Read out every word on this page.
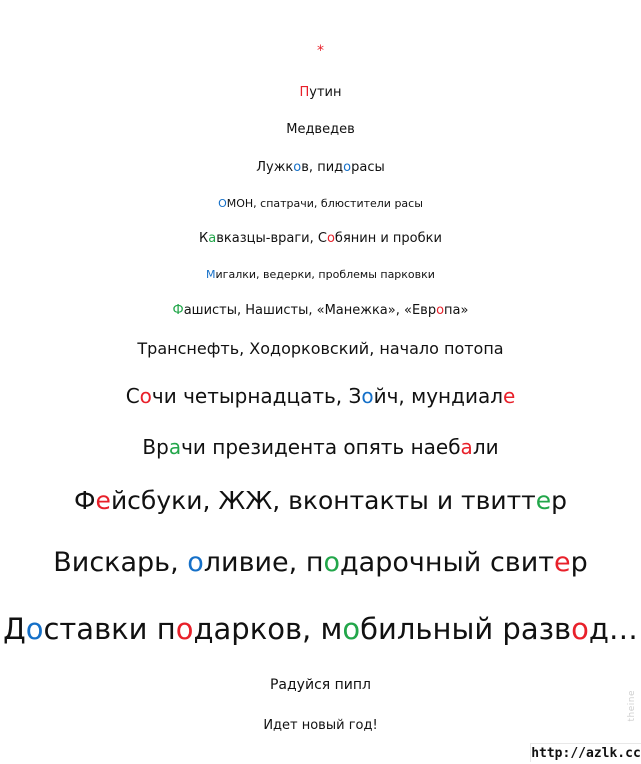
*
Путин
Медведев
Лужков, пидорасы
ОМОН, спатрачи, блюстители расы
Кавказцы-враги, Собянин и пробки
Мигалки, ведерки, проблемы парковки
Фашисты, Нашисты, «Манежка», «Европа»
Транснефть, Ходорковский, начало потопа
Сочи четырнадцать, Зойч, мундиале
Врачи президента опять наебали
Фейсбуки, ЖЖ, вконтакты и твиттер
Вискарь, оливие, подарочный свитер
Доставки подарков, мобильный развод…
Радуйся пипл
Идет новый год!
theine
http://azlk.cc
